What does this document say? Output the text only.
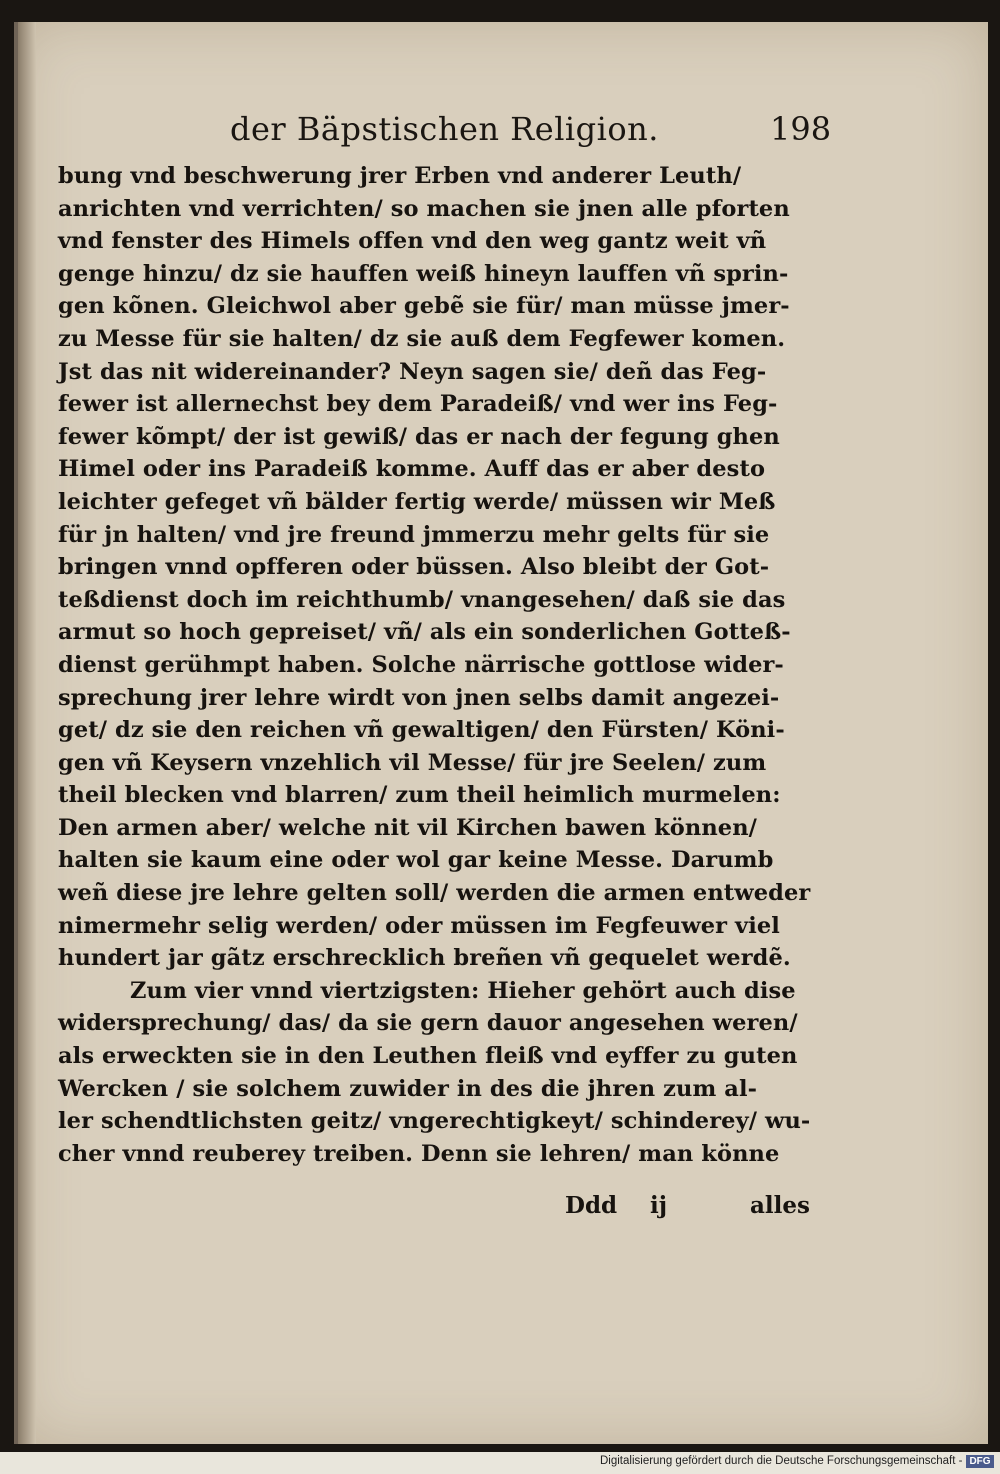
der Bäpstischen Religion.	198
bung vnd beschwerung jrer Erben vnd anderer Leuth/
anrichten vnd verrichten/ so machen sie jnen alle pforten
vnd fenster des Himels offen vnd den weg gantz weit vñ
genge hinzu/ dz sie hauffen weiß hineyn lauffen vñ sprin-
gen kõnen. Gleichwol aber gebẽ sie für/ man müsse jmer-
zu Messe für sie halten/ dz sie auß dem Fegfewer komen.
Jst das nit widereinander? Neyn sagen sie/ deñ das Feg-
fewer ist allernechst bey dem Paradeiß/ vnd wer ins Feg-
fewer kõmpt/ der ist gewiß/ das er nach der fegung ghen
Himel oder ins Paradeiß komme. Auff das er aber desto
leichter gefeget vñ bälder fertig werde/ müssen wir Meß
für jn halten/ vnd jre freund jmmerzu mehr gelts für sie
bringen vnnd opfferen oder büssen. Also bleibt der Got-
teßdienst doch im reichthumb/ vnangesehen/ daß sie das
armut so hoch gepreiset/ vñ/ als ein sonderlichen Gotteß-
dienst gerühmpt haben. Solche närrische gottlose wider-
sprechung jrer lehre wirdt von jnen selbs damit angezei-
get/ dz sie den reichen vñ gewaltigen/ den Fürsten/ Köni-
gen vñ Keysern vnzehlich vil Messe/ für jre Seelen/ zum
theil blecken vnd blarren/ zum theil heimlich murmelen:
Den armen aber/ welche nit vil Kirchen bawen können/
halten sie kaum eine oder wol gar keine Messe. Darumb
weñ diese jre lehre gelten soll/ werden die armen entweder
nimermehr selig werden/ oder müssen im Fegfeuwer viel
hundert jar gãtz erschrecklich breñen vñ gequelet werdẽ.
Zum vier vnnd viertzigsten: Hieher gehört auch dise
widersprechung/ das/ da sie gern dauor angesehen weren/
als erweckten sie in den Leuthen fleiß vnd eyffer zu guten
Wercken / sie solchem zuwider in des die jhren zum al-
ler schendtlichsten geitz/ vngerechtigkeyt/ schinderey/ wu-
cher vnnd reuberey treiben. Denn sie lehren/ man könne
Ddd ij	alles
Digitalisierung gefördert durch die Deutsche Forschungsgemeinschaft - DFG
